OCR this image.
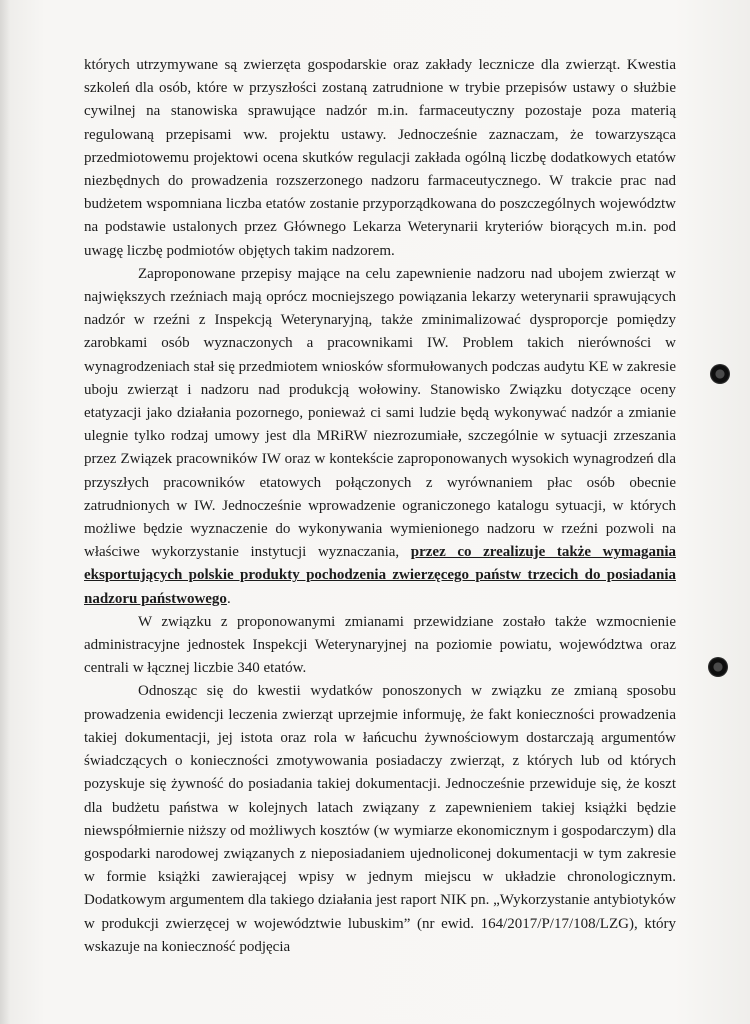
których utrzymywane są zwierzęta gospodarskie oraz zakłady lecznicze dla zwierząt. Kwestia szkoleń dla osób, które w przyszłości zostaną zatrudnione w trybie przepisów ustawy o służbie cywilnej na stanowiska sprawujące nadzór m.in. farmaceutyczny pozostaje poza materią regulowaną przepisami ww. projektu ustawy. Jednocześnie zaznaczam, że towarzysząca przedmiotowemu projektowi ocena skutków regulacji zakłada ogólną liczbę dodatkowych etatów niezbędnych do prowadzenia rozszerzonego nadzoru farmaceutycznego. W trakcie prac nad budżetem wspomniana liczba etatów zostanie przyporządkowana do poszczególnych województw na podstawie ustalonych przez Głównego Lekarza Weterynarii kryteriów biorących m.in. pod uwagę liczbę podmiotów objętych takim nadzorem.

Zaproponowane przepisy mające na celu zapewnienie nadzoru nad ubojem zwierząt w największych rzeźniach mają oprócz mocniejszego powiązania lekarzy weterynarii sprawujących nadzór w rzeźni z Inspekcją Weterynaryjną, także zminimalizować dysproporcje pomiędzy zarobkami osób wyznaczonych a pracownikami IW. Problem takich nierówności w wynagrodzeniach stał się przedmiotem wniosków sformułowanych podczas audytu KE w zakresie uboju zwierząt i nadzoru nad produkcją wołowiny. Stanowisko Związku dotyczące oceny etatyzacji jako działania pozornego, ponieważ ci sami ludzie będą wykonywać nadzór a zmianie ulegnie tylko rodzaj umowy jest dla MRiRW niezrozumiałe, szczególnie w sytuacji zrzeszania przez Związek pracowników IW oraz w kontekście zaproponowanych wysokich wynagrodzeń dla przyszłych pracowników etatowych połączonych z wyrównaniem płac osób obecnie zatrudnionych w IW. Jednocześnie wprowadzenie ograniczonego katalogu sytuacji, w których możliwe będzie wyznaczenie do wykonywania wymienionego nadzoru w rzeźni pozwoli na właściwe wykorzystanie instytucji wyznaczania, przez co zrealizuje także wymagania eksportujących polskie produkty pochodzenia zwierzęcego państw trzecich do posiadania nadzoru państwowego.

W związku z proponowanymi zmianami przewidziane zostało także wzmocnienie administracyjne jednostek Inspekcji Weterynaryjnej na poziomie powiatu, województwa oraz centrali w łącznej liczbie 340 etatów.

Odnosząc się do kwestii wydatków ponoszonych w związku ze zmianą sposobu prowadzenia ewidencji leczenia zwierząt uprzejmie informuję, że fakt konieczności prowadzenia takiej dokumentacji, jej istota oraz rola w łańcuchu żywnościowym dostarczają argumentów świadczących o konieczności zmotywowania posiadaczy zwierząt, z których lub od których pozyskuje się żywność do posiadania takiej dokumentacji. Jednocześnie przewiduje się, że koszt dla budżetu państwa w kolejnych latach związany z zapewnieniem takiej książki będzie niewspółmiernie niższy od możliwych kosztów (w wymiarze ekonomicznym i gospodarczym) dla gospodarki narodowej związanych z nieposiadaniem ujednoliconej dokumentacji w tym zakresie w formie książki zawierającej wpisy w jednym miejscu w układzie chronologicznym. Dodatkowym argumentem dla takiego działania jest raport NIK pn. „Wykorzystanie antybiotyków w produkcji zwierzęcej w województwie lubuskim” (nr ewid. 164/2017/P/17/108/LZG), który wskazuje na konieczność podjęcia
